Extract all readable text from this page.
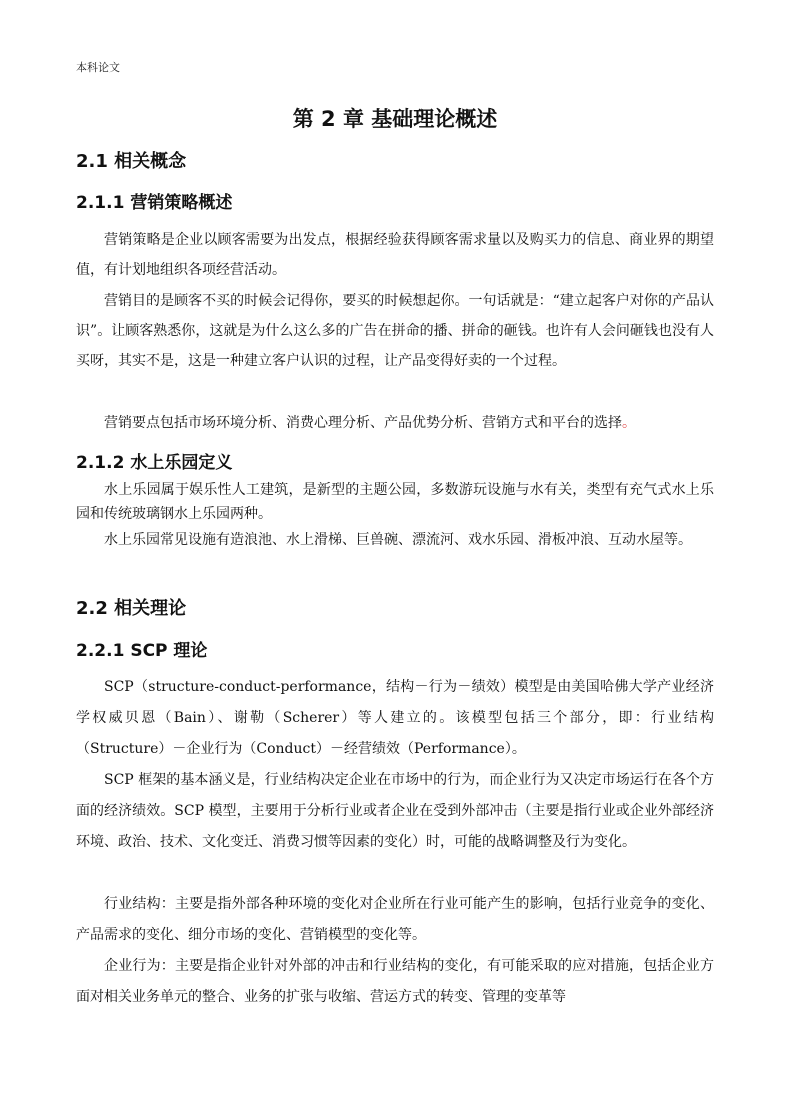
本科论文
第 2 章 基础理论概述
2.1 相关概念
2.1.1 营销策略概述

营销策略是企业以顾客需要为出发点，根据经验获得顾客需求量以及购买力的信息、商业界的期望值，有计划地组织各项经营活动。

营销目的是顾客不买的时候会记得你，要买的时候想起你。一句话就是：“建立起客户对你的产品认识”。让顾客熟悉你，这就是为什么这么多的广告在拼命的播、拼命的砸钱。也许有人会问砸钱也没有人买呀，其实不是，这是一种建立客户认识的过程，让产品变得好卖的一个过程。

营销要点包括市场环境分析、消费心理分析、产品优势分析、营销方式和平台的选择。

2.1.2 水上乐园定义

水上乐园属于娱乐性人工建筑，是新型的主题公园，多数游玩设施与水有关，类型有充气式水上乐园和传统玻璃钢水上乐园两种。

水上乐园常见设施有造浪池、水上滑梯、巨兽碗、漂流河、戏水乐园、滑板冲浪、互动水屋等。

2.2 相关理论
2.2.1 SCP 理论

SCP（structure-conduct-performance，结构－行为－绩效）模型是由美国哈佛大学产业经济学权威贝恩（Bain）、谢勒（Scherer）等人建立的。该模型包括三个部分，即：行业结构（Structure）－企业行为（Conduct）－经营绩效（Performance）。

SCP 框架的基本涵义是，行业结构决定企业在市场中的行为，而企业行为又决定市场运行在各个方面的经济绩效。SCP 模型，主要用于分析行业或者企业在受到外部冲击（主要是指行业或企业外部经济环境、政治、技术、文化变迁、消费习惯等因素的变化）时，可能的战略调整及行为变化。

行业结构：主要是指外部各种环境的变化对企业所在行业可能产生的影响，包括行业竞争的变化、产品需求的变化、细分市场的变化、营销模型的变化等。

企业行为：主要是指企业针对外部的冲击和行业结构的变化，有可能采取的应对措施，包括企业方面对相关业务单元的整合、业务的扩张与收缩、营运方式的转变、管理的变革等
